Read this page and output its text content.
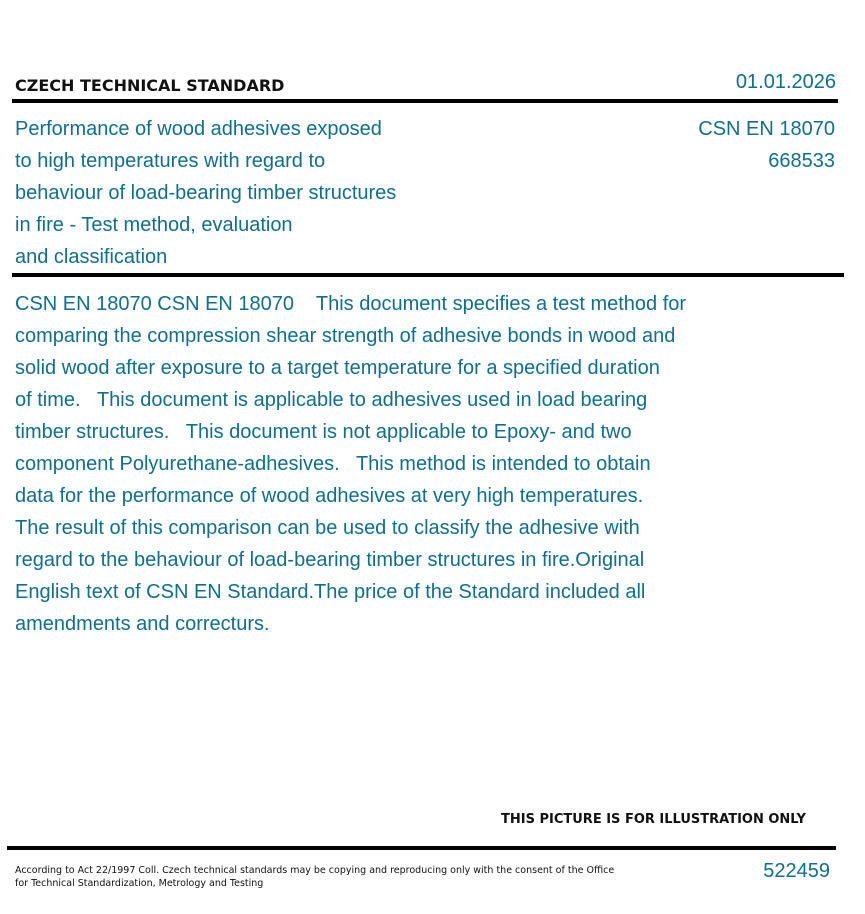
CZECH TECHNICAL STANDARD	01.01.2026
Performance of wood adhesives exposed
to high temperatures with regard to
behaviour of load-bearing timber structures
in fire - Test method, evaluation
and classification
CSN EN 18070
668533
CSN EN 18070 CSN EN 18070    This document specifies a test method for
comparing the compression shear strength of adhesive bonds in wood and
solid wood after exposure to a target temperature for a specified duration
of time.   This document is applicable to adhesives used in load bearing
timber structures.   This document is not applicable to Epoxy- and two
component Polyurethane-adhesives.   This method is intended to obtain
data for the performance of wood adhesives at very high temperatures.
The result of this comparison can be used to classify the adhesive with
regard to the behaviour of load-bearing timber structures in fire.Original
English text of CSN EN Standard.The price of the Standard included all
amendments and correcturs.
THIS PICTURE IS FOR ILLUSTRATION ONLY
According to Act 22/1997 Coll. Czech technical standards may be copying and reproducing only with the consent of the Office
for Technical Standardization, Metrology and Testing
522459
